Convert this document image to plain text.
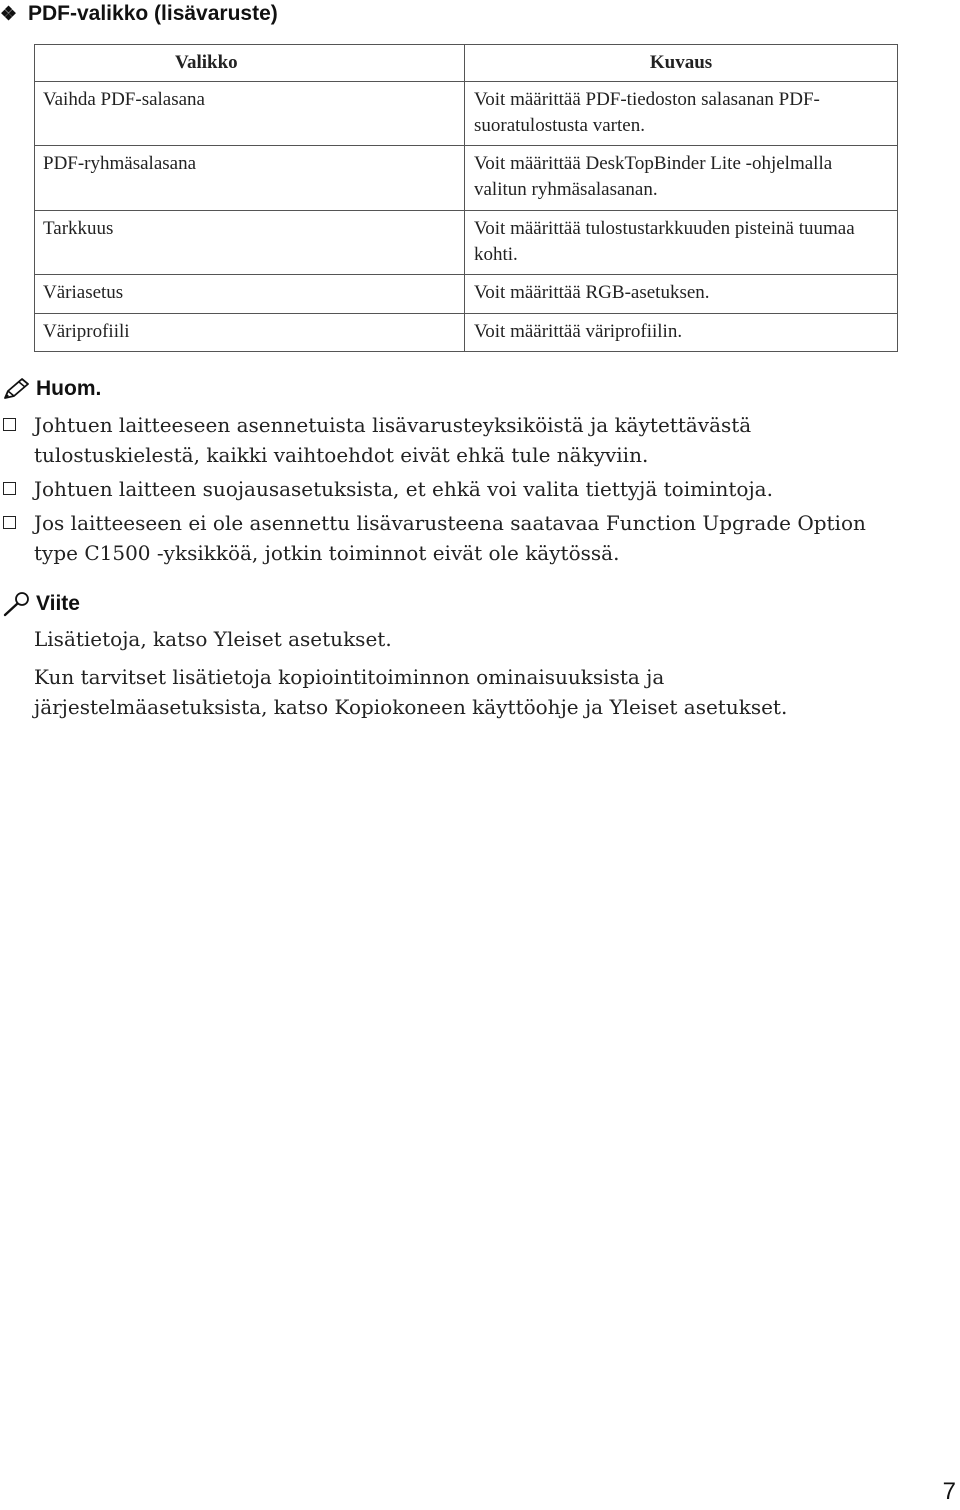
❖ PDF-valikko (lisävaruste)
Valikko	Kuvaus
Vaihda PDF-salasana	Voit määrittää PDF-tiedoston salasanan PDF-suoratulostusta varten.
PDF-ryhmäsalasana	Voit määrittää DeskTopBinder Lite -ohjelmalla valitun ryhmäsalasanan.
Tarkkuus	Voit määrittää tulostustarkkuuden pisteinä tuumaa kohti.
Väriasetus	Voit määrittää RGB-asetuksen.
Väriprofiili	Voit määrittää väriprofiilin.
Huom.
Johtuen laitteeseen asennetuista lisävarusteyksiköistä ja käytettävästä tulostuskielestä, kaikki vaihtoehdot eivät ehkä tule näkyviin.
Johtuen laitteen suojausasetuksista, et ehkä voi valita tiettyjä toimintoja.
Jos laitteeseen ei ole asennettu lisävarusteena saatavaa Function Upgrade Option type C1500 -yksikköä, jotkin toiminnot eivät ole käytössä.
Viite
Lisätietoja, katso Yleiset asetukset.
Kun tarvitset lisätietoja kopiointitoiminnon ominaisuuksista ja järjestelmäasetuksista, katso Kopiokoneen käyttöohje ja Yleiset asetukset.
7
